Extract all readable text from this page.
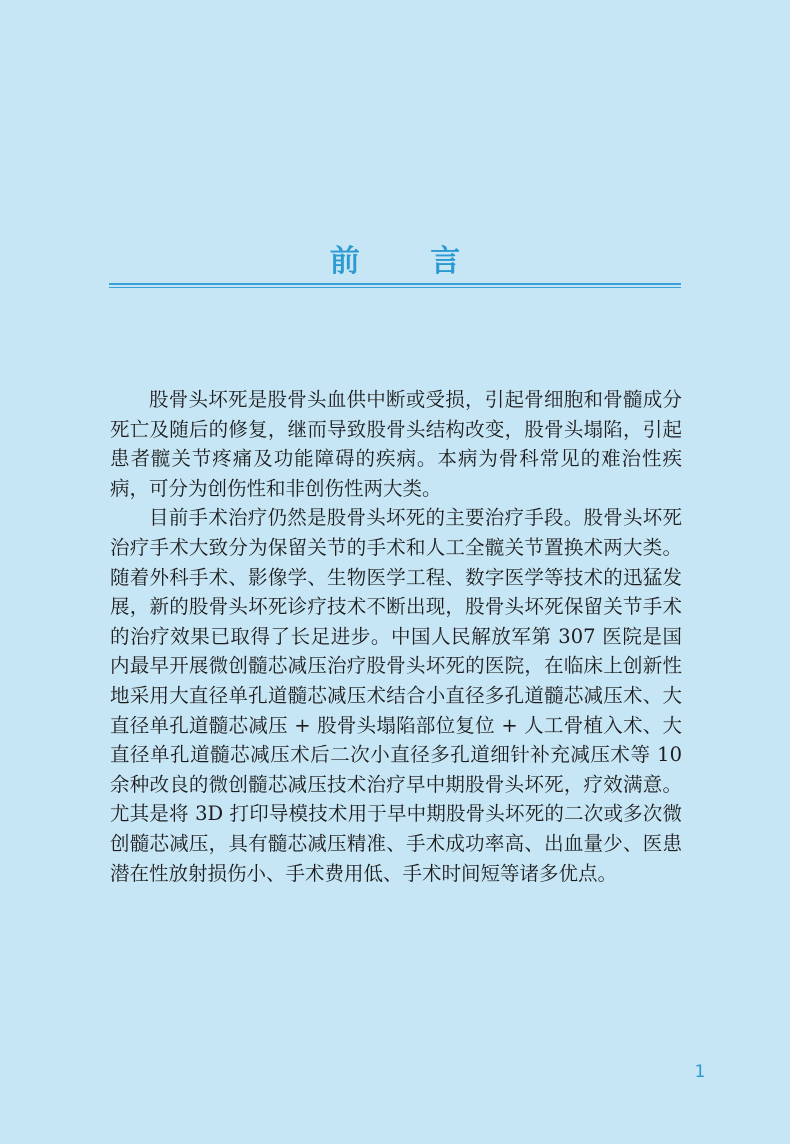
前 言

股骨头坏死是股骨头血供中断或受损，引起骨细胞和骨髓成分死亡及随后的修复，继而导致股骨头结构改变，股骨头塌陷，引起患者髋关节疼痛及功能障碍的疾病。本病为骨科常见的难治性疾病，可分为创伤性和非创伤性两大类。

目前手术治疗仍然是股骨头坏死的主要治疗手段。股骨头坏死治疗手术大致分为保留关节的手术和人工全髋关节置换术两大类。随着外科手术、影像学、生物医学工程、数字医学等技术的迅猛发展，新的股骨头坏死诊疗技术不断出现，股骨头坏死保留关节手术的治疗效果已取得了长足进步。中国人民解放军第 307 医院是国内最早开展微创髓芯减压治疗股骨头坏死的医院，在临床上创新性地采用大直径单孔道髓芯减压术结合小直径多孔道髓芯减压术、大直径单孔道髓芯减压 + 股骨头塌陷部位复位 + 人工骨植入术、大直径单孔道髓芯减压术后二次小直径多孔道细针补充减压术等 10 余种改良的微创髓芯减压技术治疗早中期股骨头坏死，疗效满意。尤其是将 3D 打印导模技术用于早中期股骨头坏死的二次或多次微创髓芯减压，具有髓芯减压精准、手术成功率高、出血量少、医患潜在性放射损伤小、手术费用低、手术时间短等诸多优点。

1
